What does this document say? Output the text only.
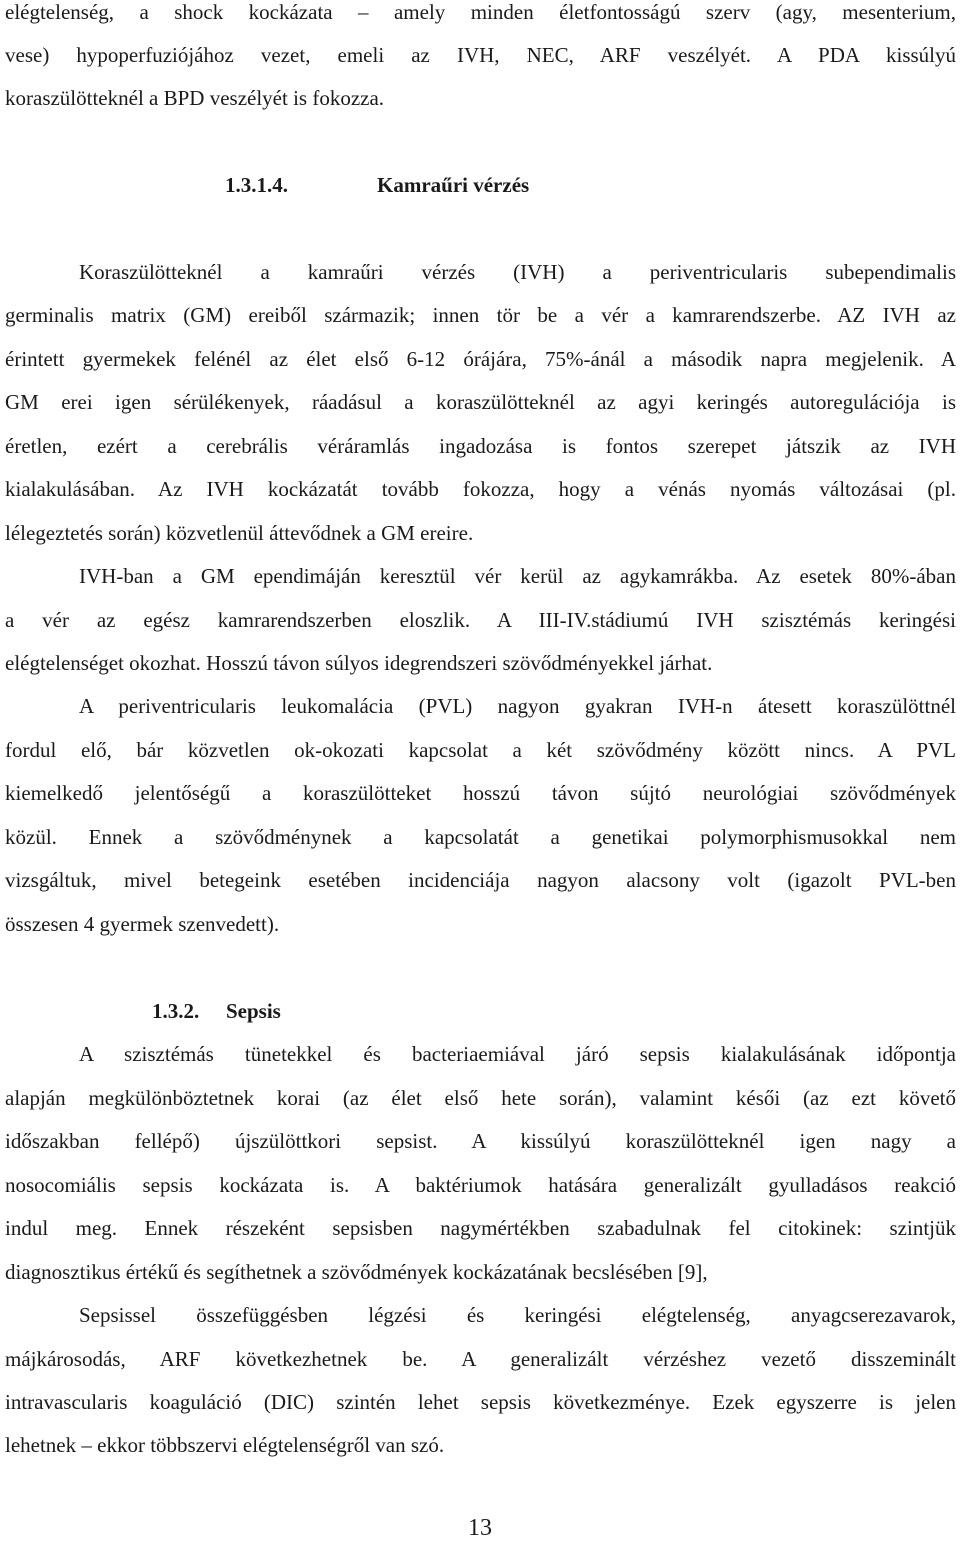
elégtelenség, a shock kockázata – amely minden életfontosságú szerv (agy, mesenterium,
vese) hypoperfuziójához vezet, emeli az IVH, NEC, ARF veszélyét. A PDA kissúlyú
koraszülötteknél a BPD veszélyét is fokozza.
1.3.1.4.	Kamraűri vérzés
Koraszülötteknél a kamraűri vérzés (IVH) a periventricularis subependimalis
germinalis matrix (GM) ereiből származik; innen tör be a vér a kamrarendszerbe. AZ IVH az
érintett gyermekek felénél az élet első 6-12 órájára, 75%-ánál a második napra megjelenik. A
GM erei igen sérülékenyek, ráadásul a koraszülötteknél az agyi keringés autoregulációja is
éretlen, ezért a cerebrális véráramlás ingadozása is fontos szerepet játszik az IVH
kialakulásában. Az IVH kockázatát tovább fokozza, hogy a vénás nyomás változásai (pl.
lélegeztetés során) közvetlenül áttevődnek a GM ereire.
IVH-ban a GM ependimáján keresztül vér kerül az agykamrákba. Az esetek 80%-ában
a vér az egész kamrarendszerben eloszlik. A III-IV.stádiumú IVH szisztémás keringési
elégtelenséget okozhat. Hosszú távon súlyos idegrendszeri szövődményekkel járhat.
A periventricularis leukomalácia (PVL) nagyon gyakran IVH-n átesett koraszülöttnél
fordul elő, bár közvetlen ok-okozati kapcsolat a két szövődmény között nincs. A PVL
kiemelkedő jelentőségű a koraszülötteket hosszú távon sújtó neurológiai szövődmények
közül. Ennek a szövődménynek a kapcsolatát a genetikai polymorphismusokkal nem
vizsgáltuk, mivel betegeink esetében incidenciája nagyon alacsony volt (igazolt PVL-ben
összesen 4 gyermek szenvedett).
1.3.2. Sepsis
A szisztémás tünetekkel és bacteriaemiával járó sepsis kialakulásának időpontja
alapján megkülönböztetnek korai (az élet első hete során), valamint késői (az ezt követő
időszakban fellépő) újszülöttkori sepsist. A kissúlyú koraszülötteknél igen nagy a
nosocomiális sepsis kockázata is. A baktériumok hatására generalizált gyulladásos reakció
indul meg. Ennek részeként sepsisben nagymértékben szabadulnak fel citokinek: szintjük
diagnosztikus értékű és segíthetnek a szövődmények kockázatának becslésében [9],
Sepsissel összefüggésben légzési és keringési elégtelenség, anyagcserezavarok,
májkárosodás, ARF következhetnek be. A generalizált vérzéshez vezető disszeminált
intravascularis koaguláció (DIC) szintén lehet sepsis következménye. Ezek egyszerre is jelen
lehetnek – ekkor többszervi elégtelenségről van szó.
13
